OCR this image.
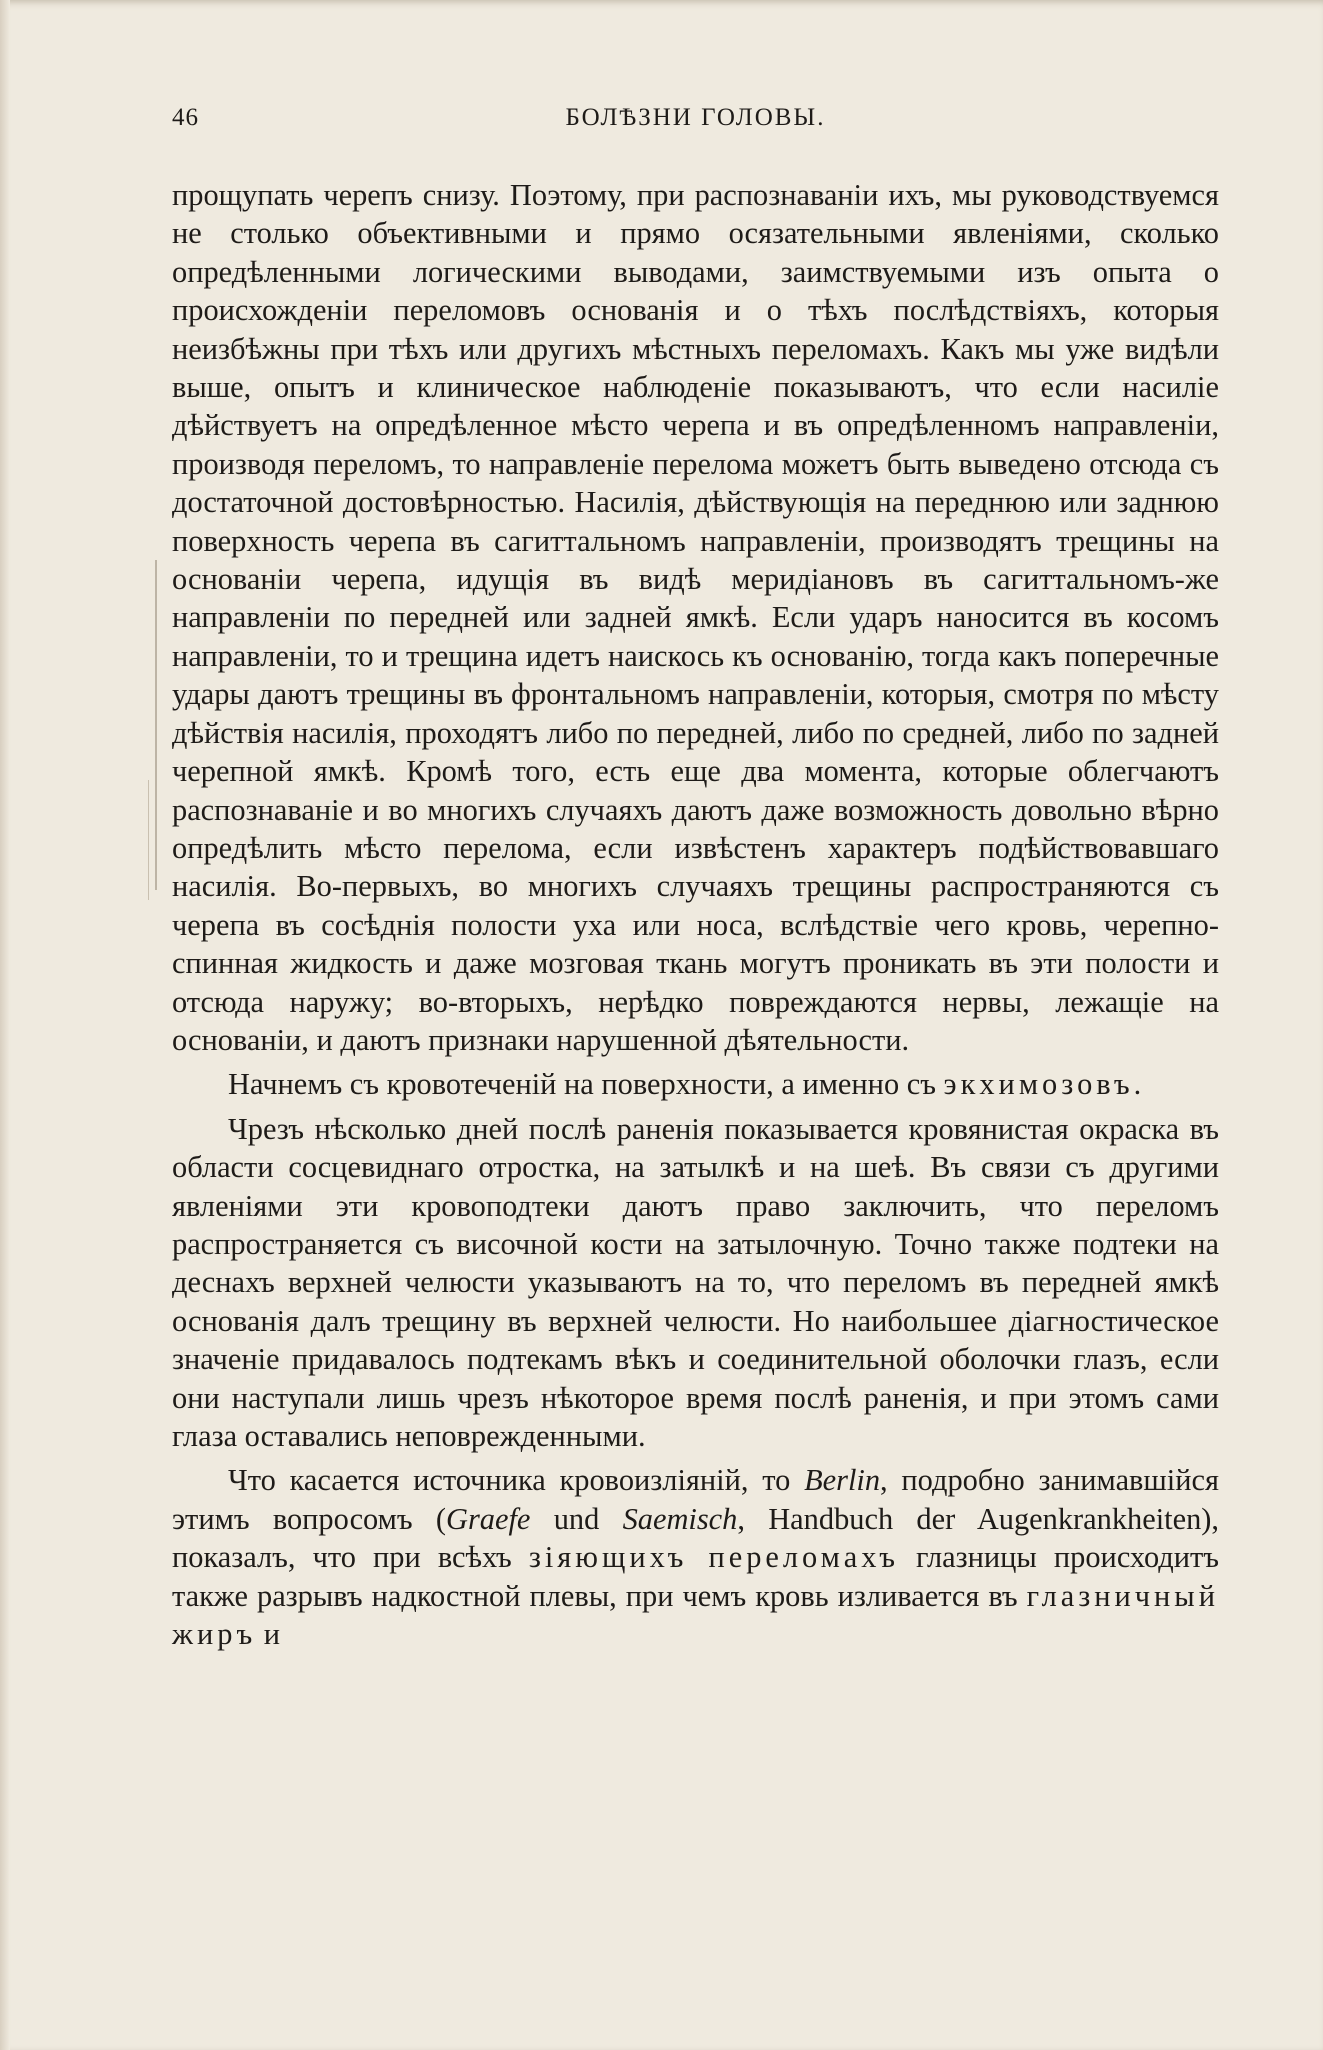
46	БОЛѢЗНИ ГОЛОВЫ.

прощупать черепъ снизу. Поэтому, при распознаваніи ихъ, мы руководствуемся не столько объективными и прямо осязательными явленіями, сколько опредѣленными логическими выводами, заимствуемыми изъ опыта о происхожденіи переломовъ основанія и о тѣхъ послѣдствіяхъ, которыя неизбѣжны при тѣхъ или другихъ мѣстныхъ переломахъ. Какъ мы уже видѣли выше, опытъ и клиническое наблюденіе показываютъ, что если насиліе дѣйствуетъ на опредѣленное мѣсто черепа и въ опредѣленномъ направленіи, производя переломъ, то направленіе перелома можетъ быть выведено отсюда съ достаточной достовѣрностью. Насилія, дѣйствующія на переднюю или заднюю поверхность черепа въ сагиттальномъ направленіи, производятъ трещины на основаніи черепа, идущія въ видѣ меридіановъ въ сагиттальномъ-же направленіи по передней или задней ямкѣ. Если ударъ наносится въ косомъ направленіи, то и трещина идетъ наискось къ основанію, тогда какъ поперечные удары даютъ трещины въ фронтальномъ направленіи, которыя, смотря по мѣсту дѣйствія насилія, проходятъ либо по передней, либо по средней, либо по задней черепной ямкѣ. Кромѣ того, есть еще два момента, которые облегчаютъ распознаваніе и во многихъ случаяхъ даютъ даже возможность довольно вѣрно опредѣлить мѣсто перелома, если извѣстенъ характеръ подѣйствовавшаго насилія. Во-первыхъ, во многихъ случаяхъ трещины распространяются съ черепа въ сосѣднія полости уха или носа, вслѣдствіе чего кровь, черепно-спинная жидкость и даже мозговая ткань могутъ проникать въ эти полости и отсюда наружу; во-вторыхъ, нерѣдко повреждаются нервы, лежащіе на основаніи, и даютъ признаки нарушенной дѣятельности.

Начнемъ съ кровотеченій на поверхности, а именно съ экхимозовъ.

Чрезъ нѣсколько дней послѣ раненія показывается кровянистая окраска въ области сосцевиднаго отростка, на затылкѣ и на шеѣ. Въ связи съ другими явленіями эти кровоподтеки даютъ право заключить, что переломъ распространяется съ височной кости на затылочную. Точно также подтеки на деснахъ верхней челюсти указываютъ на то, что переломъ въ передней ямкѣ основанія далъ трещину въ верхней челюсти. Но наибольшее діагностическое значеніе придавалось подтекамъ вѣкъ и соединительной оболочки глазъ, если они наступали лишь чрезъ нѣкоторое время послѣ раненія, и при этомъ сами глаза оставались неповрежденными.

Что касается источника кровоизліяній, то Berlin, подробно занимавшійся этимъ вопросомъ (Graefe und Saemisch, Handbuch der Augenkrankheiten), показалъ, что при всѣхъ зіяющихъ переломахъ глазницы происходитъ также разрывъ надкостной плевы, при чемъ кровь изливается въ глазничный жиръ и
